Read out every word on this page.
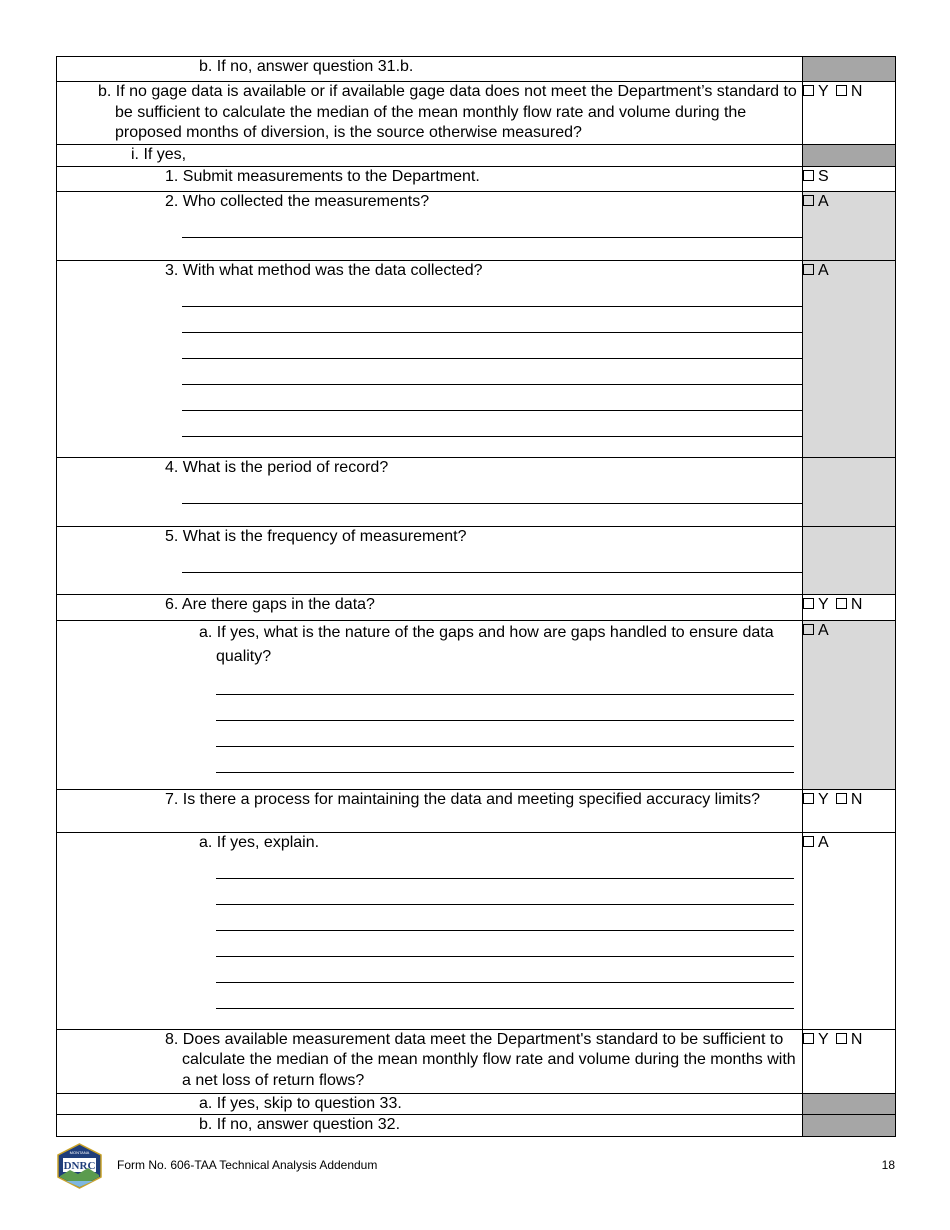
b. If no, answer question 31.b.	
b. If no gage data is available or if available gage data does not meet the Department’s standard to be sufficient to calculate the median of the mean monthly flow rate and volume during the proposed months of diversion, is the source otherwise measured?	Y N
i. If yes,	
1. Submit measurements to the Department.	S

2. Who collected the measurements?	A

3. With what method was the data collected?	A

4. What is the period of record?	

5. What is the frequency of measurement?	

6. Are there gaps in the data?	Y N

a. If yes, what is the nature of the gaps and how are gaps handled to ensure data quality?	A
7. Is there a process for maintaining the data and meeting specified accuracy limits?	Y N

a. If yes, explain.	A
8. Does available measurement data meet the Department's standard to be sufficient to calculate the median of the mean monthly flow rate and volume during the months with a net loss of return flows?	Y N
a. If yes, skip to question 33.	
b. If no, answer question 32.	
MONTANA
DNRC Form No. 606-TAA Technical Analysis Addendum	18
